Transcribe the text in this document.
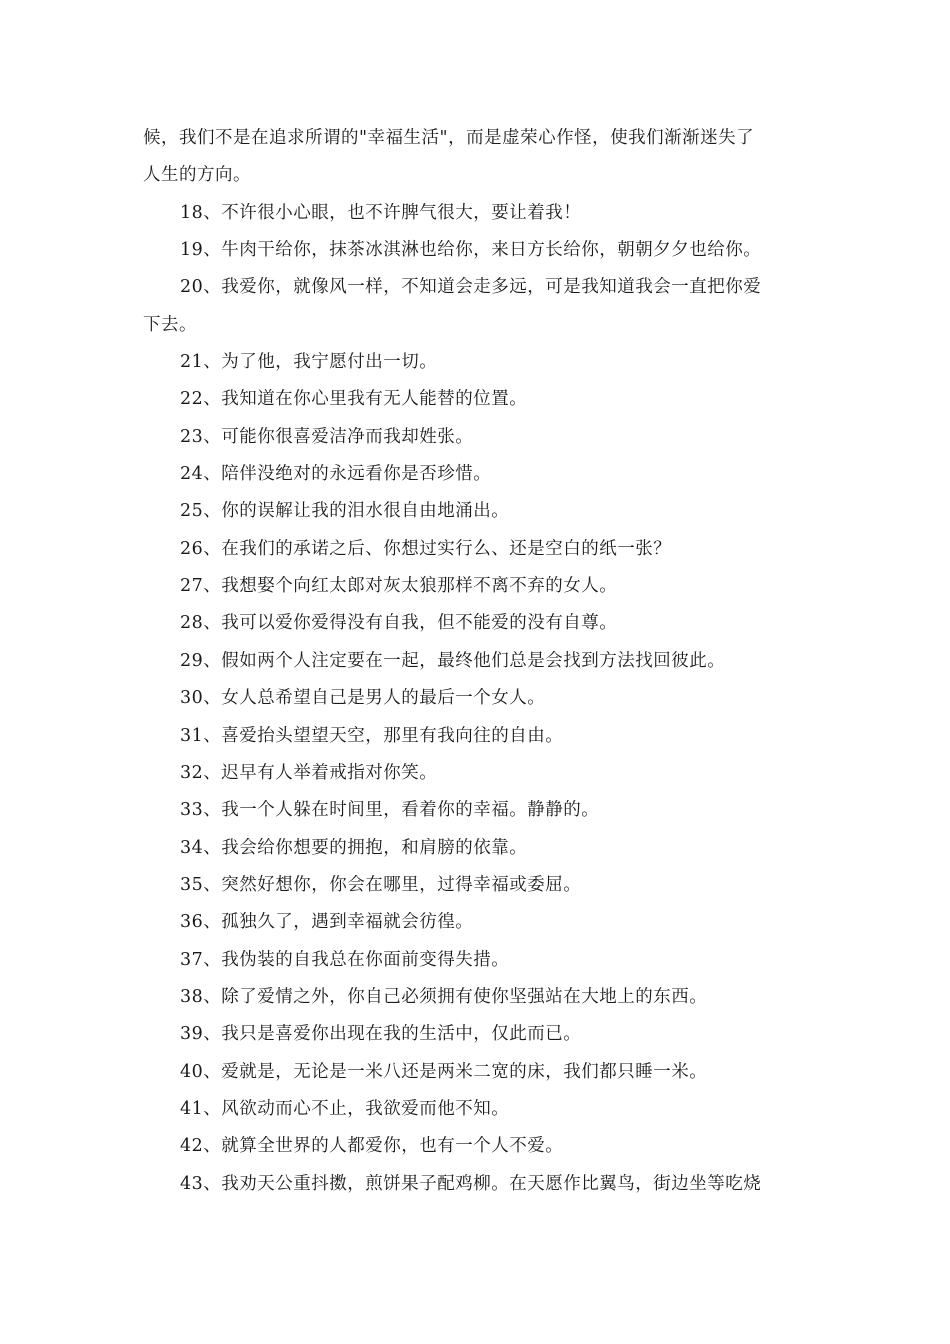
候，我们不是在追求所谓的"幸福生活"，而是虚荣心作怪，使我们渐渐迷失了
人生的方向。
18、不许很小心眼，也不许脾气很大，要让着我！
19、牛肉干给你，抹茶冰淇淋也给你，来日方长给你，朝朝夕夕也给你。
20、我爱你，就像风一样，不知道会走多远，可是我知道我会一直把你爱
下去。
21、为了他，我宁愿付出一切。
22、我知道在你心里我有无人能替的位置。
23、可能你很喜爱洁净而我却姓张。
24、陪伴没绝对的永远看你是否珍惜。
25、你的误解让我的泪水很自由地涌出。
26、在我们的承诺之后、你想过实行么、还是空白的纸一张？
27、我想娶个向红太郎对灰太狼那样不离不弃的女人。
28、我可以爱你爱得没有自我，但不能爱的没有自尊。
29、假如两个人注定要在一起，最终他们总是会找到方法找回彼此。
30、女人总希望自己是男人的最后一个女人。
31、喜爱抬头望望天空，那里有我向往的自由。
32、迟早有人举着戒指对你笑。
33、我一个人躲在时间里，看着你的幸福。静静的。
34、我会给你想要的拥抱，和肩膀的依靠。
35、突然好想你，你会在哪里，过得幸福或委屈。
36、孤独久了，遇到幸福就会彷徨。
37、我伪装的自我总在你面前变得失措。
38、除了爱情之外，你自己必须拥有使你坚强站在大地上的东西。
39、我只是喜爱你出现在我的生活中，仅此而已。
40、爱就是，无论是一米八还是两米二宽的床，我们都只睡一米。
41、风欲动而心不止，我欲爱而他不知。
42、就算全世界的人都爱你，也有一个人不爱。
43、我劝天公重抖擞，煎饼果子配鸡柳。在天愿作比翼鸟，街边坐等吃烧
